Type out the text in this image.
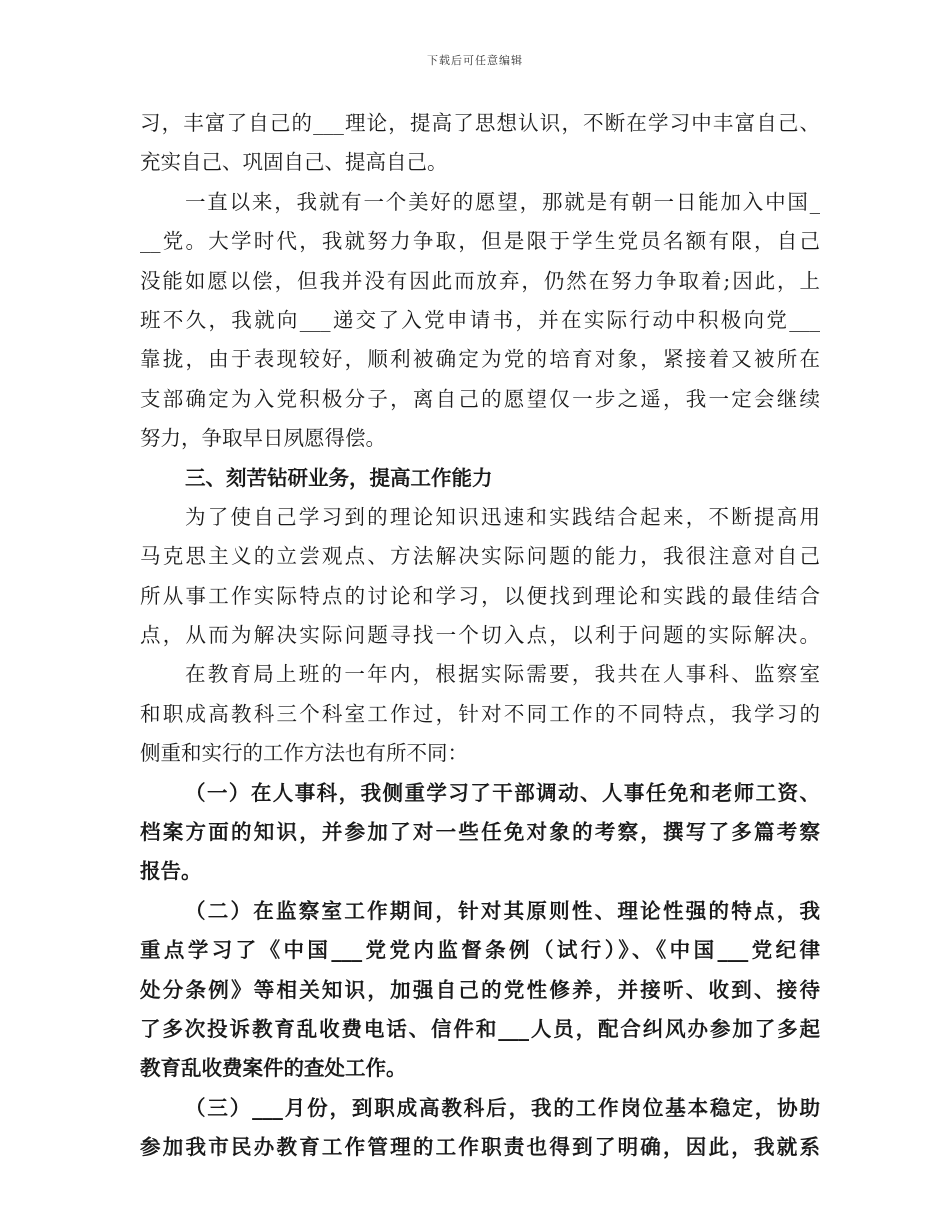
下载后可任意编辑
习，丰富了自己的___理论，提高了思想认识，不断在学习中丰富自己、
充实自己、巩固自己、提高自己。
一直以来，我就有一个美好的愿望，那就是有朝一日能加入中国_
__党。大学时代，我就努力争取，但是限于学生党员名额有限，自己
没能如愿以偿，但我并没有因此而放弃，仍然在努力争取着;因此，上
班不久，我就向___递交了入党申请书，并在实际行动中积极向党___
靠拢，由于表现较好，顺利被确定为党的培育对象，紧接着又被所在
支部确定为入党积极分子，离自己的愿望仅一步之遥，我一定会继续
努力，争取早日夙愿得偿。
三、刻苦钻研业务，提高工作能力
为了使自己学习到的理论知识迅速和实践结合起来，不断提高用
马克思主义的立尝观点、方法解决实际问题的能力，我很注意对自己
所从事工作实际特点的讨论和学习，以便找到理论和实践的最佳结合
点，从而为解决实际问题寻找一个切入点，以利于问题的实际解决。
在教育局上班的一年内，根据实际需要，我共在人事科、监察室
和职成高教科三个科室工作过，针对不同工作的不同特点，我学习的
侧重和实行的工作方法也有所不同：
（一）在人事科，我侧重学习了干部调动、人事任免和老师工资、
档案方面的知识，并参加了对一些任免对象的考察，撰写了多篇考察
报告。
（二）在监察室工作期间，针对其原则性、理论性强的特点，我
重点学习了《中国___党党内监督条例（试行）》、《中国___党纪律
处分条例》等相关知识，加强自己的党性修养，并接听、收到、接待
了多次投诉教育乱收费电话、信件和___人员，配合纠风办参加了多起
教育乱收费案件的查处工作。
（三）___月份，到职成高教科后，我的工作岗位基本稳定，协助
参加我市民办教育工作管理的工作职责也得到了明确，因此，我就系
